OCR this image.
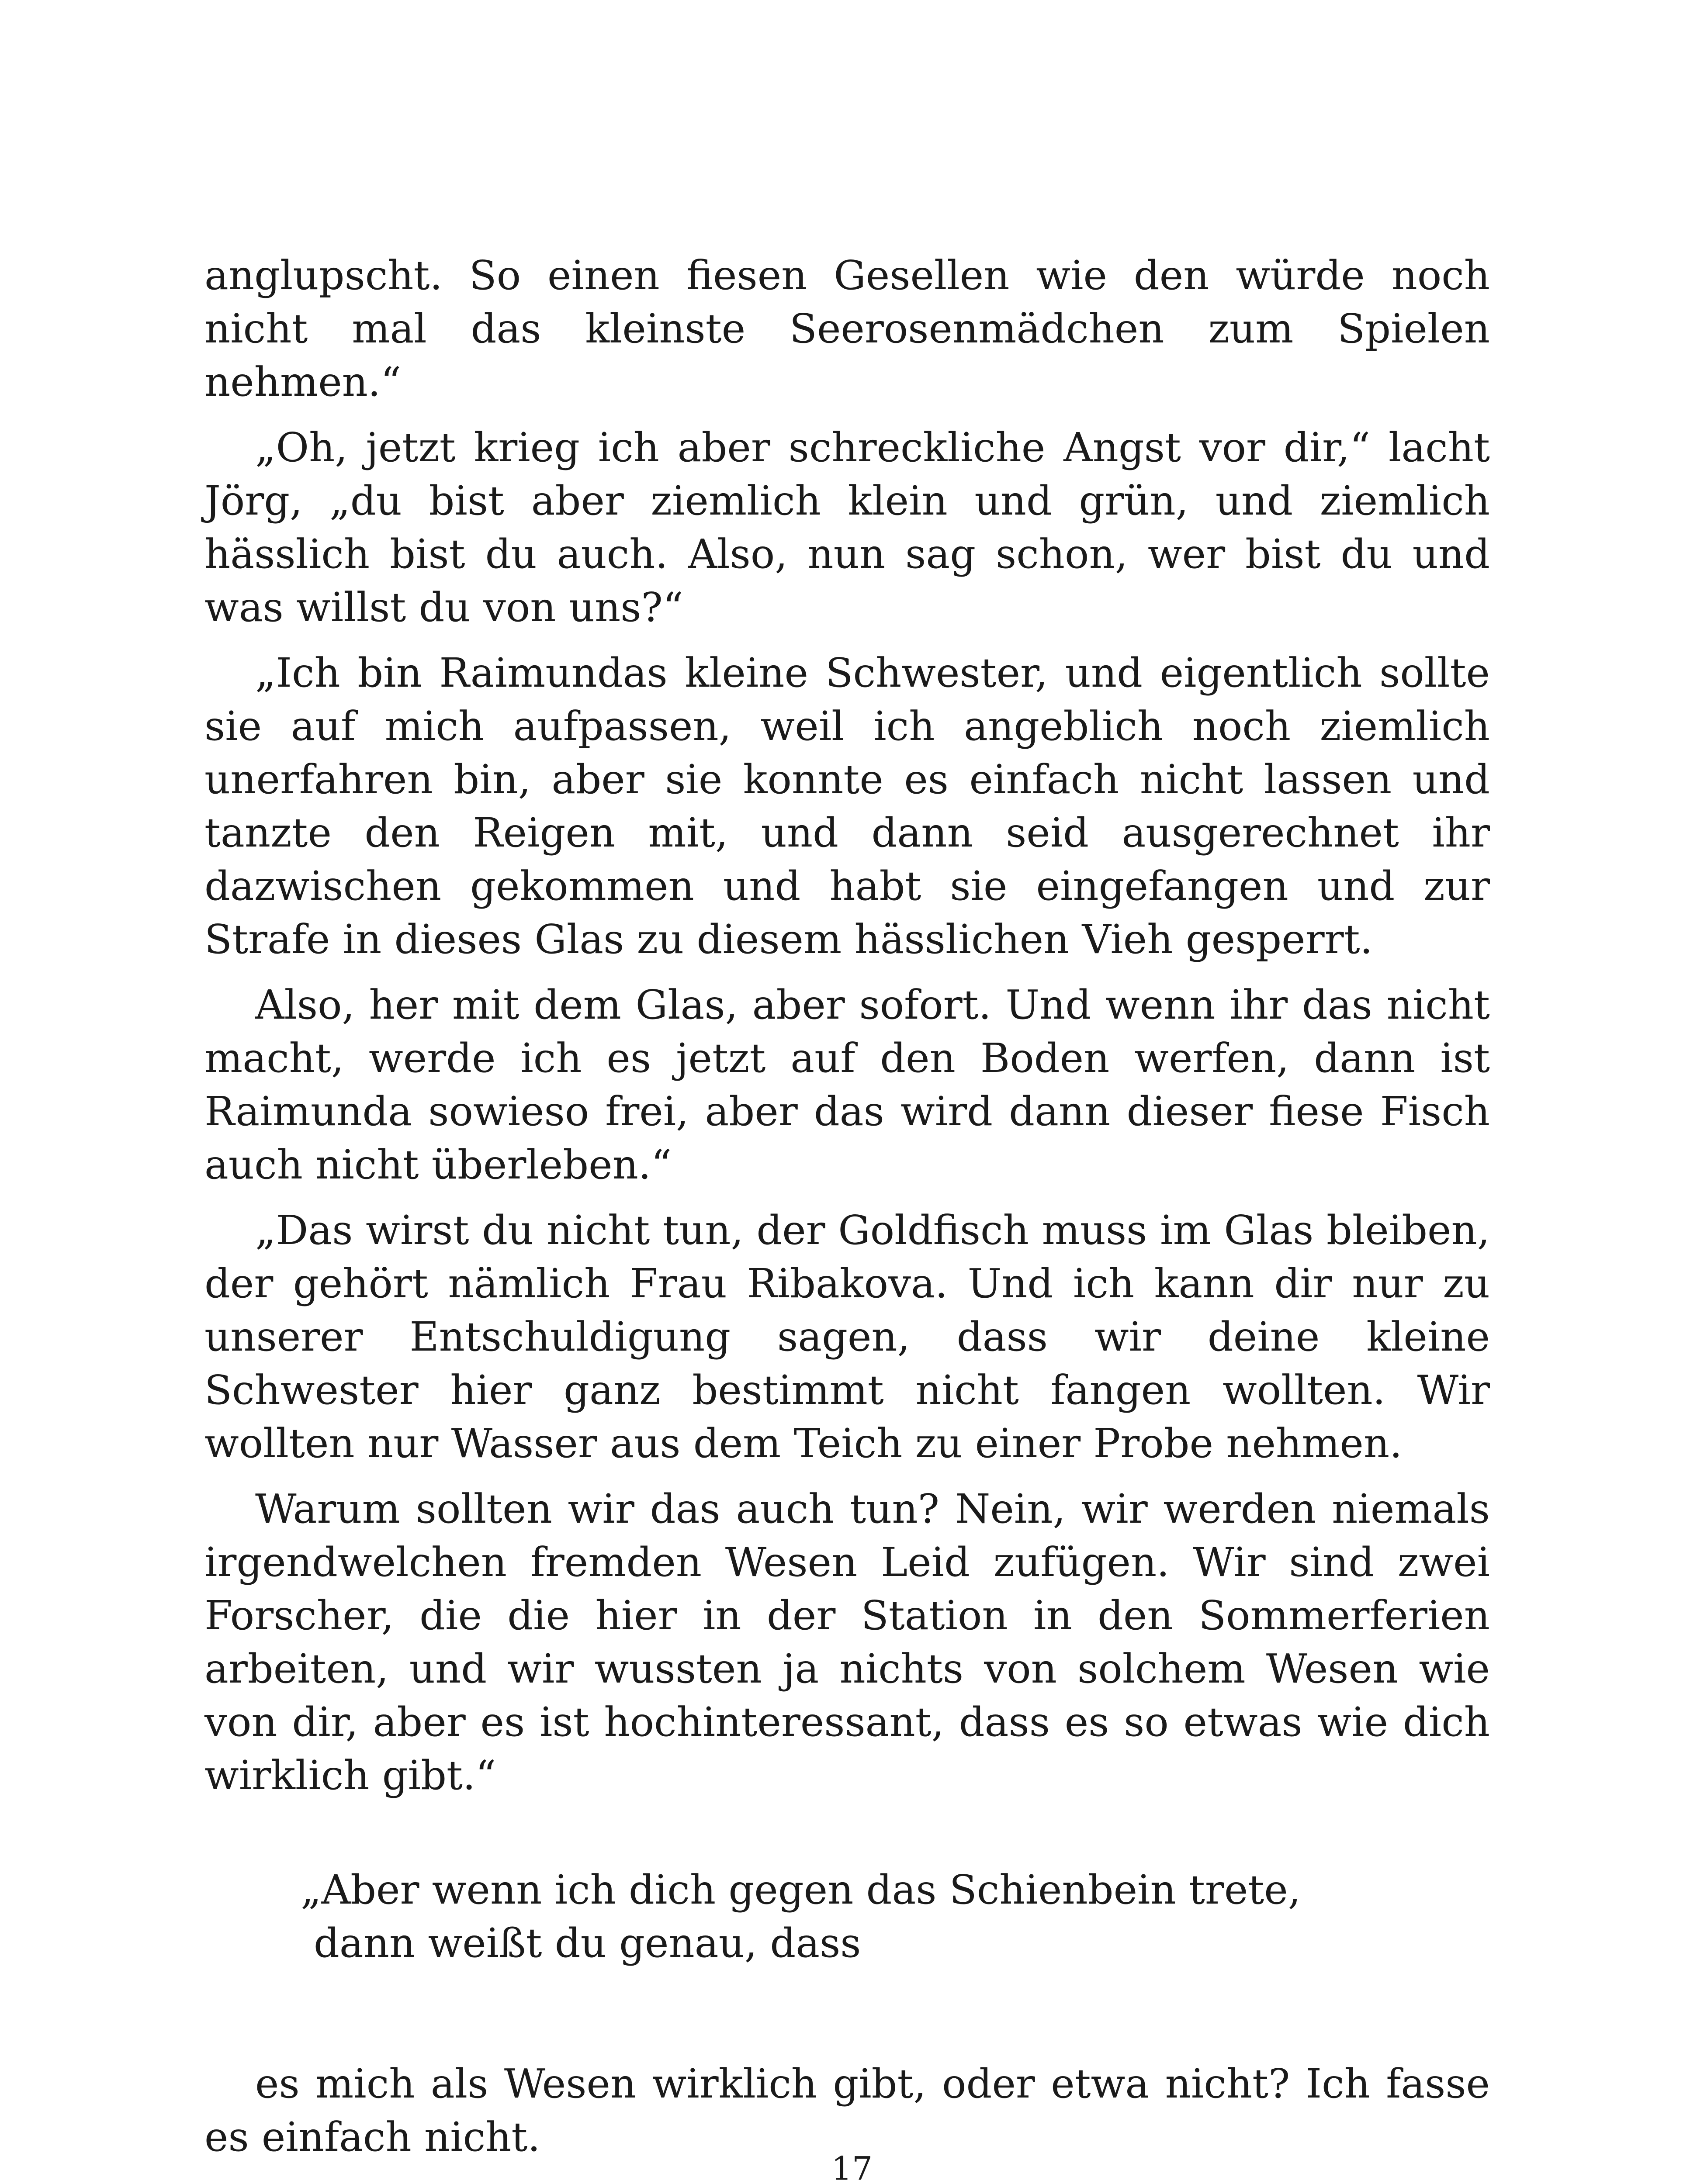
anglupscht. So einen fiesen Gesellen wie den würde noch nicht mal das kleinste Seerosenmädchen zum Spielen nehmen.“

„Oh, jetzt krieg ich aber schreckliche Angst vor dir,“ lacht Jörg, „du bist aber ziemlich klein und grün, und ziemlich hässlich bist du auch. Also, nun sag schon, wer bist du und was willst du von uns?“

„Ich bin Raimundas kleine Schwester, und eigentlich sollte sie auf mich aufpassen, weil ich angeblich noch ziemlich unerfahren bin, aber sie konnte es einfach nicht lassen und tanzte den Reigen mit, und dann seid ausgerechnet ihr dazwischen gekommen und habt sie eingefangen und zur Strafe in dieses Glas zu diesem hässlichen Vieh gesperrt.

Also, her mit dem Glas, aber sofort. Und wenn ihr das nicht macht, werde ich es jetzt auf den Boden werfen, dann ist Raimunda sowieso frei, aber das wird dann dieser fiese Fisch auch nicht überleben.“

„Das wirst du nicht tun, der Goldfisch muss im Glas bleiben, der gehört nämlich Frau Ribakova. Und ich kann dir nur zu unserer Entschuldigung sagen, dass wir deine kleine Schwester hier ganz bestimmt nicht fangen wollten. Wir wollten nur Wasser aus dem Teich zu einer Probe nehmen.

Warum sollten wir das auch tun? Nein, wir werden niemals irgendwelchen fremden Wesen Leid zufügen. Wir sind zwei Forscher, die die hier in der Station in den Sommerferien arbeiten, und wir wussten ja nichts von solchem Wesen wie von dir, aber es ist hochinteressant, dass es so etwas wie dich wirklich gibt.“

„Aber wenn ich dich gegen das Schienbein trete,
dann weißt du genau, dass

es mich als Wesen wirklich gibt, oder etwa nicht? Ich fasse es einfach nicht.

17
